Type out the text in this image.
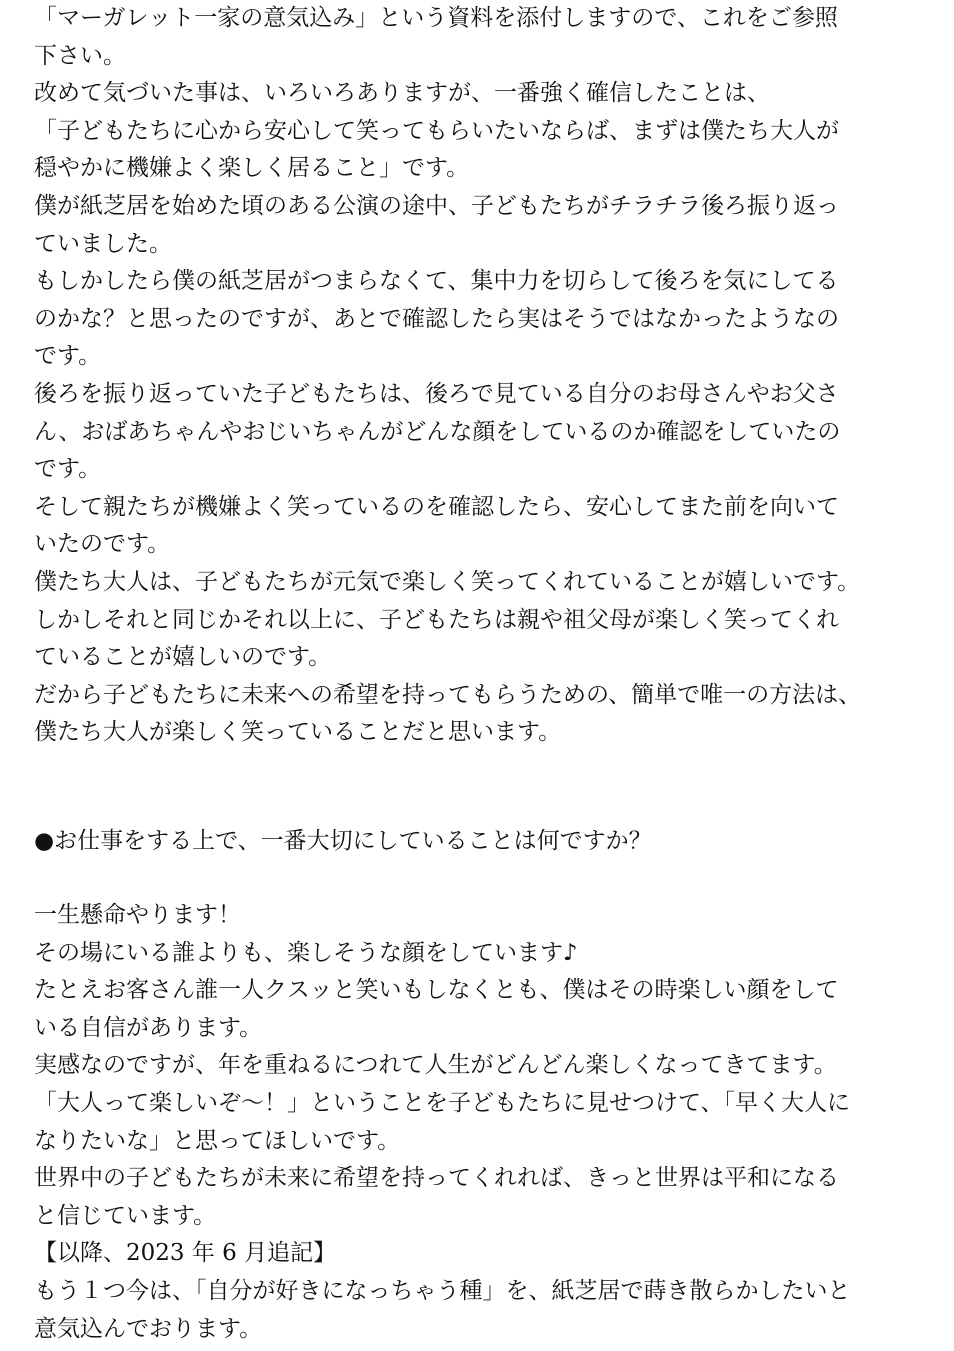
「マーガレット一家の意気込み」という資料を添付しますので、これをご参照
下さい。
改めて気づいた事は、いろいろありますが、一番強く確信したことは、
「子どもたちに心から安心して笑ってもらいたいならば、まずは僕たち大人が
穏やかに機嫌よく楽しく居ること」です。
僕が紙芝居を始めた頃のある公演の途中、子どもたちがチラチラ後ろ振り返っ
ていました。
もしかしたら僕の紙芝居がつまらなくて、集中力を切らして後ろを気にしてる
のかな？と思ったのですが、あとで確認したら実はそうではなかったようなの
です。
後ろを振り返っていた子どもたちは、後ろで見ている自分のお母さんやお父さ
ん、おばあちゃんやおじいちゃんがどんな顔をしているのか確認をしていたの
です。
そして親たちが機嫌よく笑っているのを確認したら、安心してまた前を向いて
いたのです。
僕たち大人は、子どもたちが元気で楽しく笑ってくれていることが嬉しいです。
しかしそれと同じかそれ以上に、子どもたちは親や祖父母が楽しく笑ってくれ
ていることが嬉しいのです。
だから子どもたちに未来への希望を持ってもらうための、簡単で唯一の方法は、
僕たち大人が楽しく笑っていることだと思います。
●お仕事をする上で、一番大切にしていることは何ですか？
一生懸命やります！
その場にいる誰よりも、楽しそうな顔をしています♪
たとえお客さん誰一人クスッと笑いもしなくとも、僕はその時楽しい顔をして
いる自信があります。
実感なのですが、年を重ねるにつれて人生がどんどん楽しくなってきてます。
「大人って楽しいぞ～！」ということを子どもたちに見せつけて、「早く大人に
なりたいな」と思ってほしいです。
世界中の子どもたちが未来に希望を持ってくれれば、きっと世界は平和になる
と信じています。
【以降、2023 年 6 月追記】
もう１つ今は、「自分が好きになっちゃう種」を、紙芝居で蒔き散らかしたいと
意気込んでおります。
